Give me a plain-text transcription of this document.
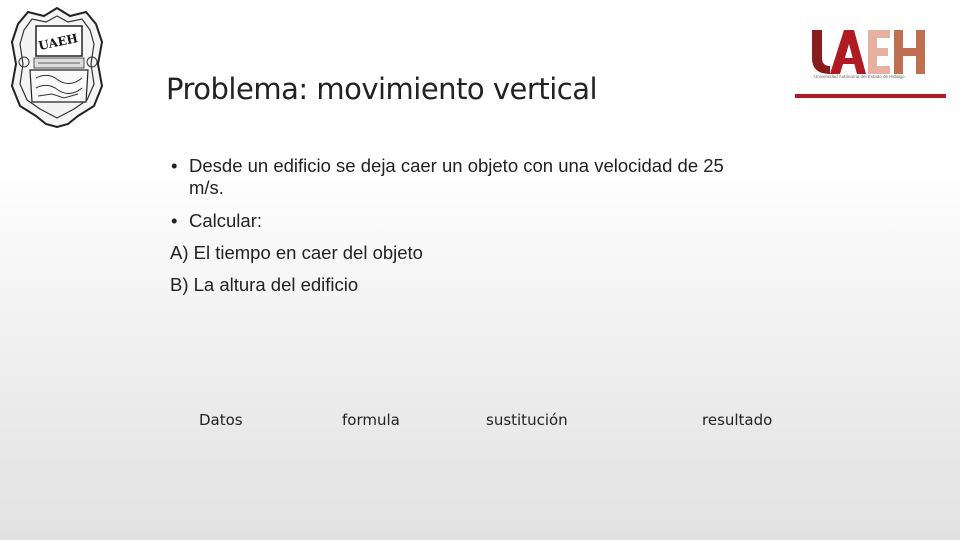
UAEH
Universidad Autónoma del Estado de Hidalgo
Problema: movimiento vertical
• Desde un edificio se deja caer un objeto con una velocidad de 25 m/s.
• Calcular:
A) El tiempo en caer del objeto
B) La altura del edificio
Datos	formula	sustitución	resultado
